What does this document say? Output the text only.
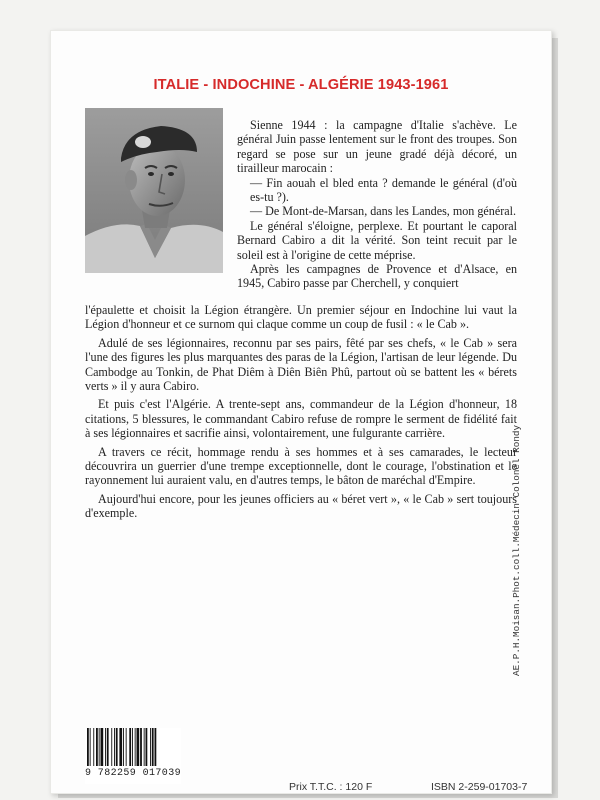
ITALIE - INDOCHINE - ALGÉRIE 1943-1961

Sienne 1944 : la campagne d'Italie s'achève. Le général Juin passe lentement sur le front des troupes. Son regard se pose sur un jeune gradé déjà décoré, un tirailleur marocain :

— Fin aouah el bled enta ? demande le général (d'où es-tu ?).

— De Mont-de-Marsan, dans les Landes, mon général.

Le général s'éloigne, perplexe. Et pourtant le caporal Bernard Cabiro a dit la vérité. Son teint recuit par le soleil est à l'origine de cette méprise.

Après les campagnes de Provence et d'Alsace, en 1945, Cabiro passe par Cherchell, y conquiert

l'épaulette et choisit la Légion étrangère. Un premier séjour en Indochine lui vaut la Légion d'honneur et ce surnom qui claque comme un coup de fusil : « le Cab ».

Adulé de ses légionnaires, reconnu par ses pairs, fêté par ses chefs, « le Cab » sera l'une des figures les plus marquantes des paras de la Légion, l'artisan de leur légende. Du Cambodge au Tonkin, de Phat Diêm à Diên Biên Phû, partout où se battent les « bérets verts » il y aura Cabiro.

Et puis c'est l'Algérie. A trente-sept ans, commandeur de la Légion d'honneur, 18 citations, 5 blessures, le commandant Cabiro refuse de rompre le serment de fidélité fait à ses légionnaires et sacrifie ainsi, volontairement, une fulgurante carrière.

A travers ce récit, hommage rendu à ses hommes et à ses camarades, le lecteur découvrira un guerrier d'une trempe exceptionnelle, dont le courage, l'obstination et le rayonnement lui auraient valu, en d'autres temps, le bâton de maréchal d'Empire.

Aujourd'hui encore, pour les jeunes officiers au « béret vert », « le Cab » sert toujours d'exemple.	AE.P.H.Moisan.Phot.coll.Médecin Colonel Rondy
9 782259 017039
Prix T.T.C. : 120 F	ISBN 2-259-01703-7
